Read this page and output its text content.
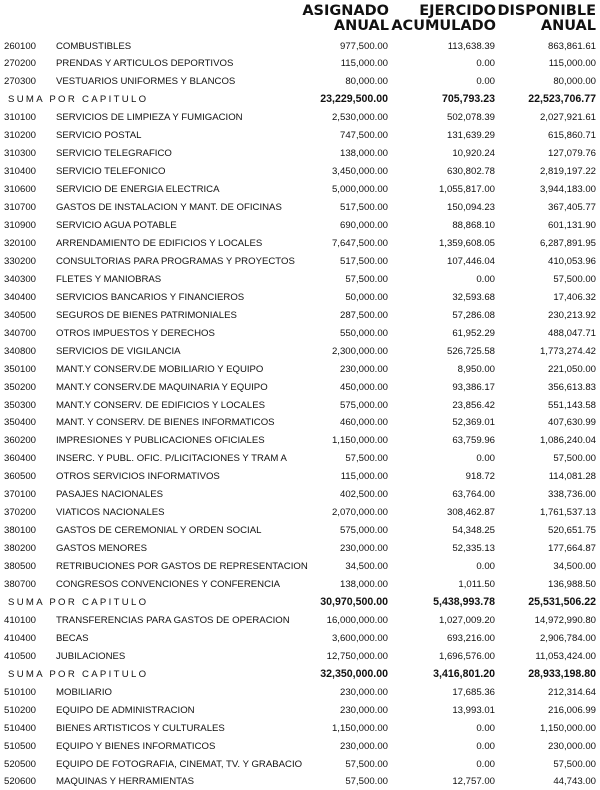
ASIGNADO
ANUAL
EJERCIDO
ACUMULADO
DISPONIBLE
ANUAL
260100 COMBUSTIBLES	977,500.00	113,638.39	863,861.61
270200 PRENDAS Y ARTICULOS DEPORTIVOS	115,000.00	0.00	115,000.00
270300 VESTUARIOS UNIFORMES Y BLANCOS	80,000.00	0.00	80,000.00
SUMA POR CAPITULO	23,229,500.00	705,793.23	22,523,706.77
310100 SERVICIOS DE LIMPIEZA Y FUMIGACION	2,530,000.00	502,078.39	2,027,921.61
310200 SERVICIO POSTAL	747,500.00	131,639.29	615,860.71
310300 SERVICIO TELEGRAFICO	138,000.00	10,920.24	127,079.76
310400 SERVICIO TELEFONICO	3,450,000.00	630,802.78	2,819,197.22
310600 SERVICIO DE ENERGIA ELECTRICA	5,000,000.00	1,055,817.00	3,944,183.00
310700 GASTOS DE INSTALACION Y MANT. DE OFICINAS	517,500.00	150,094.23	367,405.77
310900 SERVICIO AGUA POTABLE	690,000.00	88,868.10	601,131.90
320100 ARRENDAMIENTO DE EDIFICIOS Y LOCALES	7,647,500.00	1,359,608.05	6,287,891.95
330200 CONSULTORIAS PARA PROGRAMAS Y PROYECTOS	517,500.00	107,446.04	410,053.96
340300 FLETES Y MANIOBRAS	57,500.00	0.00	57,500.00
340400 SERVICIOS BANCARIOS Y FINANCIEROS	50,000.00	32,593.68	17,406.32
340500 SEGUROS DE BIENES PATRIMONIALES	287,500.00	57,286.08	230,213.92
340700 OTROS IMPUESTOS Y DERECHOS	550,000.00	61,952.29	488,047.71
340800 SERVICIOS DE VIGILANCIA	2,300,000.00	526,725.58	1,773,274.42
350100 MANT.Y CONSERV.DE MOBILIARIO Y EQUIPO	230,000.00	8,950.00	221,050.00
350200 MANT.Y CONSERV.DE MAQUINARIA Y EQUIPO	450,000.00	93,386.17	356,613.83
350300 MANT.Y CONSERV. DE EDIFICIOS Y LOCALES	575,000.00	23,856.42	551,143.58
350400 MANT. Y CONSERV. DE BIENES INFORMATICOS	460,000.00	52,369.01	407,630.99
360200 IMPRESIONES Y PUBLICACIONES OFICIALES	1,150,000.00	63,759.96	1,086,240.04
360400 INSERC. Y PUBL. OFIC. P/LICITACIONES Y TRAM A	57,500.00	0.00	57,500.00
360500 OTROS SERVICIOS INFORMATIVOS	115,000.00	918.72	114,081.28
370100 PASAJES NACIONALES	402,500.00	63,764.00	338,736.00
370200 VIATICOS NACIONALES	2,070,000.00	308,462.87	1,761,537.13
380100 GASTOS DE CEREMONIAL Y ORDEN SOCIAL	575,000.00	54,348.25	520,651.75
380200 GASTOS MENORES	230,000.00	52,335.13	177,664.87
380500 RETRIBUCIONES POR GASTOS DE REPRESENTACION	34,500.00	0.00	34,500.00
380700 CONGRESOS CONVENCIONES Y CONFERENCIA	138,000.00	1,011.50	136,988.50
SUMA POR CAPITULO	30,970,500.00	5,438,993.78	25,531,506.22
410100 TRANSFERENCIAS PARA GASTOS DE OPERACION	16,000,000.00	1,027,009.20	14,972,990.80
410400 BECAS	3,600,000.00	693,216.00	2,906,784.00
410500 JUBILACIONES	12,750,000.00	1,696,576.00	11,053,424.00
SUMA POR CAPITULO	32,350,000.00	3,416,801.20	28,933,198.80
510100 MOBILIARIO	230,000.00	17,685.36	212,314.64
510200 EQUIPO DE ADMINISTRACION	230,000.00	13,993.01	216,006.99
510400 BIENES ARTISTICOS Y CULTURALES	1,150,000.00	0.00	1,150,000.00
510500 EQUIPO Y BIENES INFORMATICOS	230,000.00	0.00	230,000.00
520500 EQUIPO DE FOTOGRAFIA, CINEMAT, TV. Y GRABACIO	57,500.00	0.00	57,500.00
520600 MAQUINAS Y HERRAMIENTAS	57,500.00	12,757.00	44,743.00
